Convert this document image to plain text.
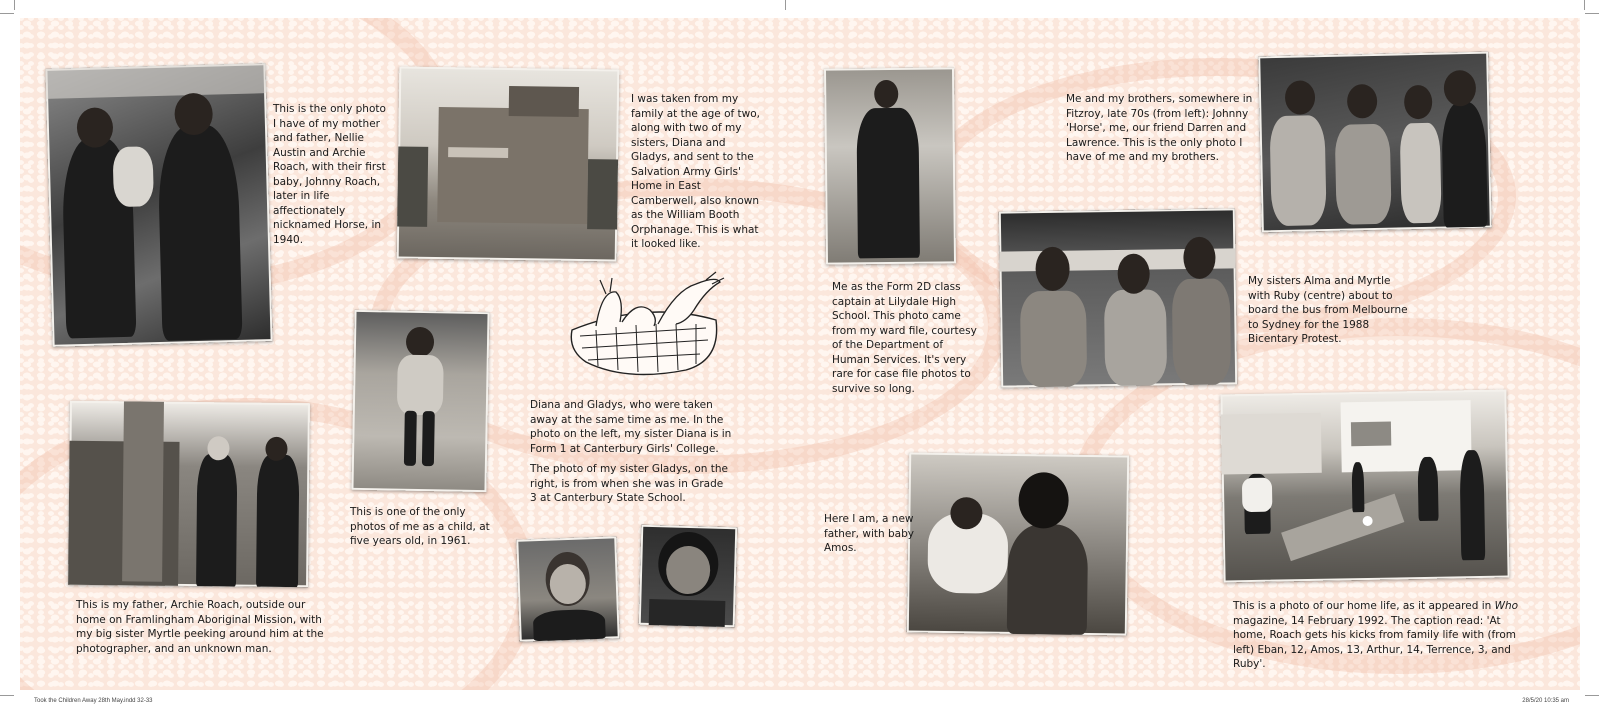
This is the only photo I have of my mother and father, Nellie Austin and Archie Roach, with their first baby, Johnny Roach, later in life affectionately nicknamed Horse, in 1940.

I was taken from my family at the age of two, along with two of my sisters, Diana and Gladys, and sent to the Salvation Army Girls' Home in East Camberwell, also known as the William Booth Orphanage. This is what it looked like.

Me as the Form 2D class captain at Lilydale High School. This photo came from my ward file, courtesy of the Department of Human Services. It's very rare for case file photos to survive so long.

Me and my brothers, somewhere in Fitzroy, late 70s (from left): Johnny 'Horse', me, our friend Darren and Lawrence. This is the only photo I have of me and my brothers.

My sisters Alma and Myrtle with Ruby (centre) about to board the bus from Melbourne to Sydney for the 1988 Bicentary Protest.

This is one of the only photos of me as a child, at five years old, in 1961.

Diana and Gladys, who were taken away at the same time as me. In the photo on the left, my sister Diana is in Form 1 at Canterbury Girls' College.

The photo of my sister Gladys, on the right, is from when she was in Grade 3 at Canterbury State School.

This is my father, Archie Roach, outside our home on Framlingham Aboriginal Mission, with my big sister Myrtle peeking around him at the photographer, and an unknown man.

Here I am, a new father, with baby Amos.

This is a photo of our home life, as it appeared in Who magazine, 14 February 1992. The caption read: 'At home, Roach gets his kicks from family life with (from left) Eban, 12, Amos, 13, Arthur, 14, Terrence, 3, and Ruby'.

Took the Children Away 28th May.indd 32-33	28/5/20 10:35 am
